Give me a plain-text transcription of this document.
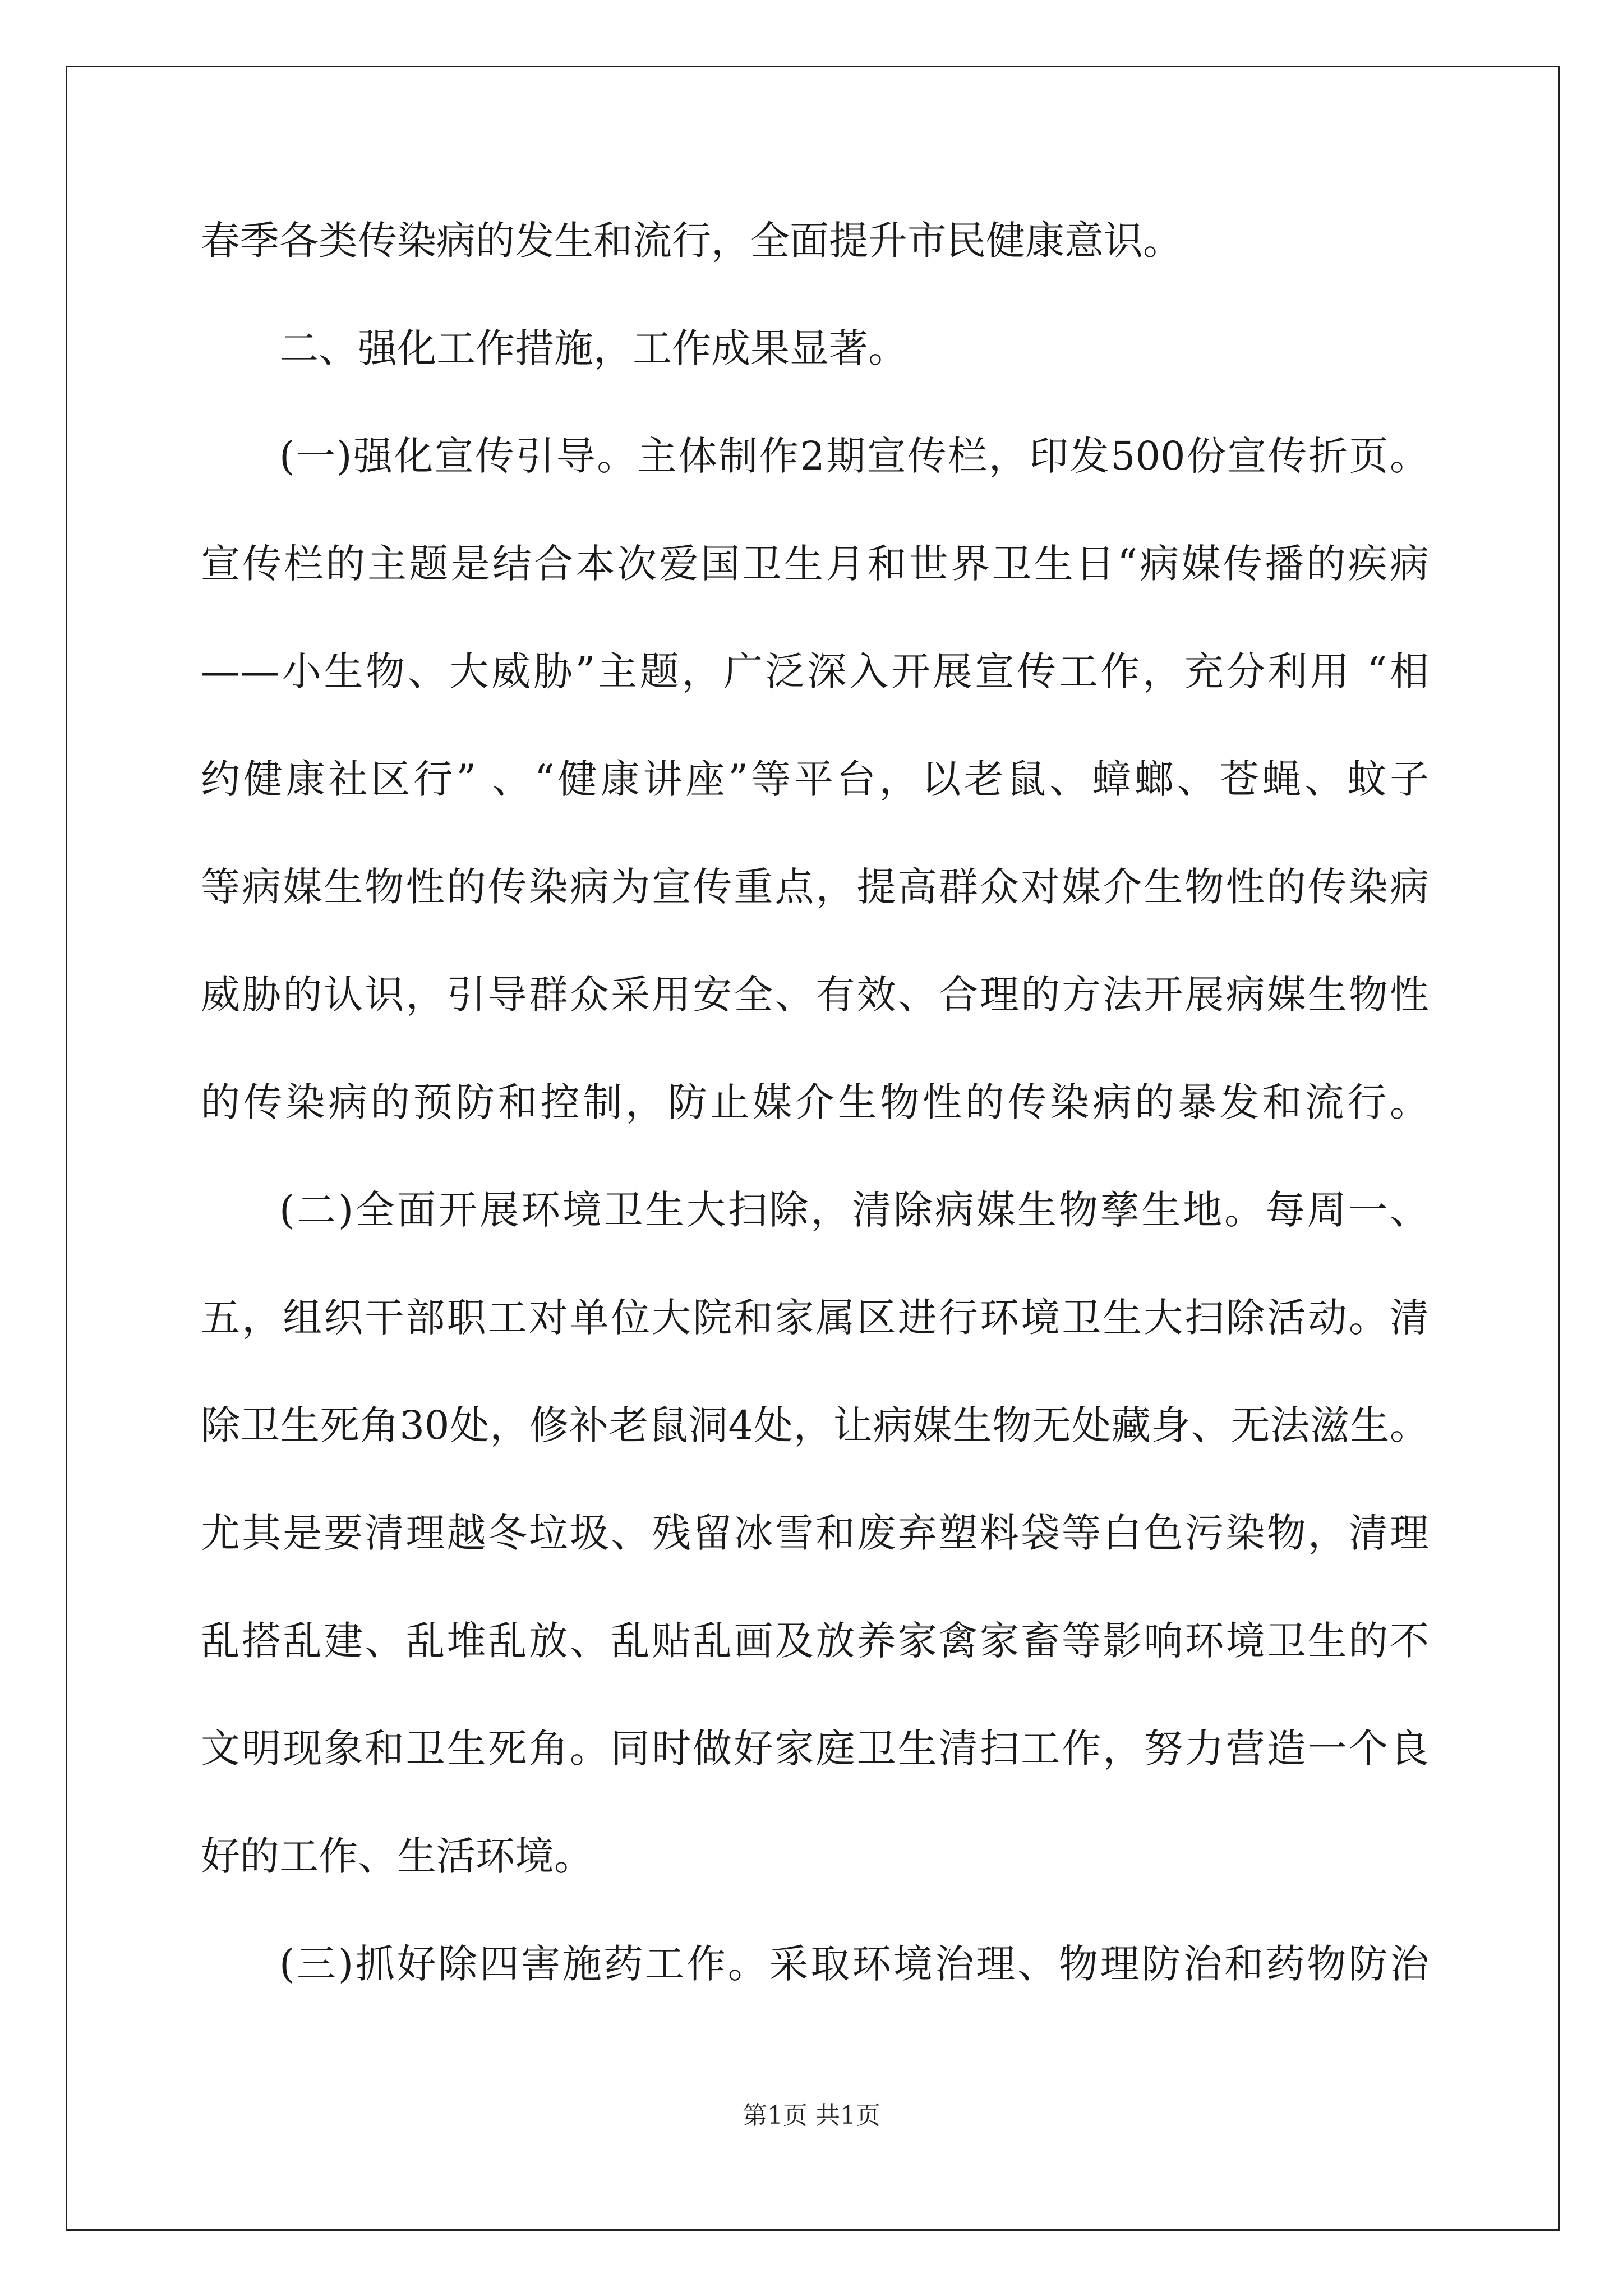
春季各类传染病的发生和流行，全面提升市民健康意识。
二、强化工作措施，工作成果显著。
(一)强化宣传引导。主体制作2期宣传栏，印发500份宣传折页。
宣传栏的主题是结合本次爱国卫生月和世界卫生日“病媒传播的疾病
——小生物、大威胁”主题，广泛深入开展宣传工作，充分利用 “相
约健康社区行” 、“健康讲座”等平台，以老鼠、蟑螂、苍蝇、蚊子
等病媒生物性的传染病为宣传重点，提高群众对媒介生物性的传染病
威胁的认识，引导群众采用安全、有效、合理的方法开展病媒生物性
的传染病的预防和控制，防止媒介生物性的传染病的暴发和流行。
(二)全面开展环境卫生大扫除，清除病媒生物孳生地。每周一、
五，组织干部职工对单位大院和家属区进行环境卫生大扫除活动。清
除卫生死角30处，修补老鼠洞4处，让病媒生物无处藏身、无法滋生。
尤其是要清理越冬垃圾、残留冰雪和废弃塑料袋等白色污染物，清理
乱搭乱建、乱堆乱放、乱贴乱画及放养家禽家畜等影响环境卫生的不
文明现象和卫生死角。同时做好家庭卫生清扫工作，努力营造一个良
好的工作、生活环境。
(三)抓好除四害施药工作。采取环境治理、物理防治和药物防治
第1页 共1页
